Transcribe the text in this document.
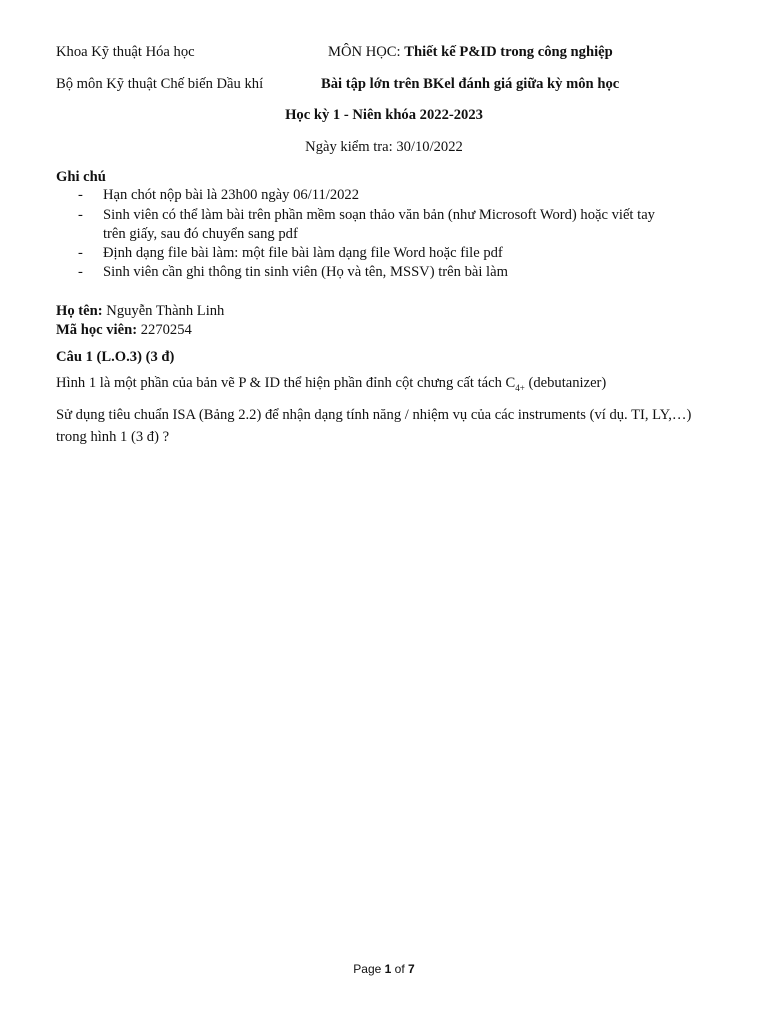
Khoa Kỹ thuật Hóa học	MÔN HỌC: Thiết kế P&ID trong công nghiệp
Bộ môn Kỹ thuật Chế biến Dầu khí	Bài tập lớn trên BKel đánh giá giữa kỳ môn học
Học kỳ 1 - Niên khóa 2022-2023
Ngày kiểm tra: 30/10/2022
Ghi chú
- Hạn chót nộp bài là 23h00 ngày 06/11/2022
- Sinh viên có thể làm bài trên phần mềm soạn thảo văn bản (như Microsoft Word) hoặc viết tay
trên giấy, sau đó chuyển sang pdf
- Định dạng file bài làm: một file bài làm dạng file Word hoặc file pdf
- Sinh viên cần ghi thông tin sinh viên (Họ và tên, MSSV) trên bài làm
Họ tên: Nguyễn Thành Linh
Mã học viên: 2270254
Câu 1 (L.O.3) (3 đ)
Hình 1 là một phần của bản vẽ P & ID thể hiện phần đỉnh cột chưng cất tách $C_{4+}$ (debutanizer)
Sử dụng tiêu chuẩn ISA (Bảng 2.2) để nhận dạng tính năng / nhiệm vụ của các instruments (ví dụ. TI, LY,…) trong hình 1 (3 đ) ?
Page 1 of 7
